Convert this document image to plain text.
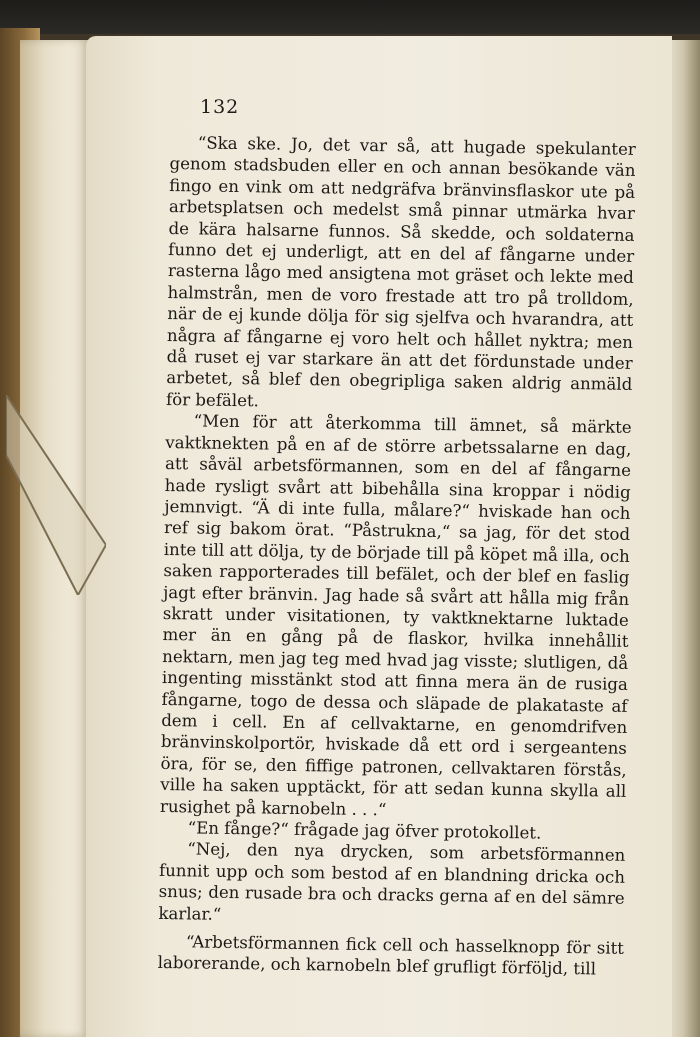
132

“Ska ske. Jo, det var så, att hugade spekulanter genom stadsbuden eller en och annan besökande vän fingo en vink om att nedgräfva bränvinsflaskor ute på arbetsplatsen och medelst små pinnar utmärka hvar de kära halsarne funnos. Så skedde, och soldaterna funno det ej underligt, att en del af fångarne under rasterna lågo med ansigtena mot gräset och lekte med halmstrån, men de voro frestade att tro på trolldom, när de ej kunde dölja för sig sjelfva och hvarandra, att några af fångarne ej voro helt och hållet nyktra; men då ruset ej var starkare än att det fördunstade under arbetet, så blef den obegripliga saken aldrig anmäld för befälet.

“Men för att återkomma till ämnet, så märkte vaktknekten på en af de större arbetssalarne en dag, att såväl arbetsförmannen, som en del af fångarne hade rysligt svårt att bibehålla sina kroppar i nödig jemnvigt. “Ä di inte fulla, målare?“ hviskade han och ref sig bakom örat. “Påstrukna,“ sa jag, för det stod inte till att dölja, ty de började till på köpet må illa, och saken rapporterades till befälet, och der blef en faslig jagt efter bränvin. Jag hade så svårt att hålla mig från skratt under visitationen, ty vaktknektarne luktade mer än en gång på de flaskor, hvilka innehållit nektarn, men jag teg med hvad jag visste; slutligen, då ingenting misstänkt stod att finna mera än de rusiga fångarne, togo de dessa och släpade de plakataste af dem i cell. En af cellvaktarne, en genomdrifven bränvinskolportör, hviskade då ett ord i sergeantens öra, för se, den fiffige patronen, cellvaktaren förstås, ville ha saken upptäckt, för att sedan kunna skylla all rusighet på karnobeln . . .“

“En fånge?“ frågade jag öfver protokollet.

“Nej, den nya drycken, som arbetsförmannen funnit upp och som bestod af en blandning dricka och snus; den rusade bra och dracks gerna af en del sämre karlar.“

“Arbetsförmannen fick cell och hasselknopp för sitt laborerande, och karnobeln blef grufligt förföljd, till
